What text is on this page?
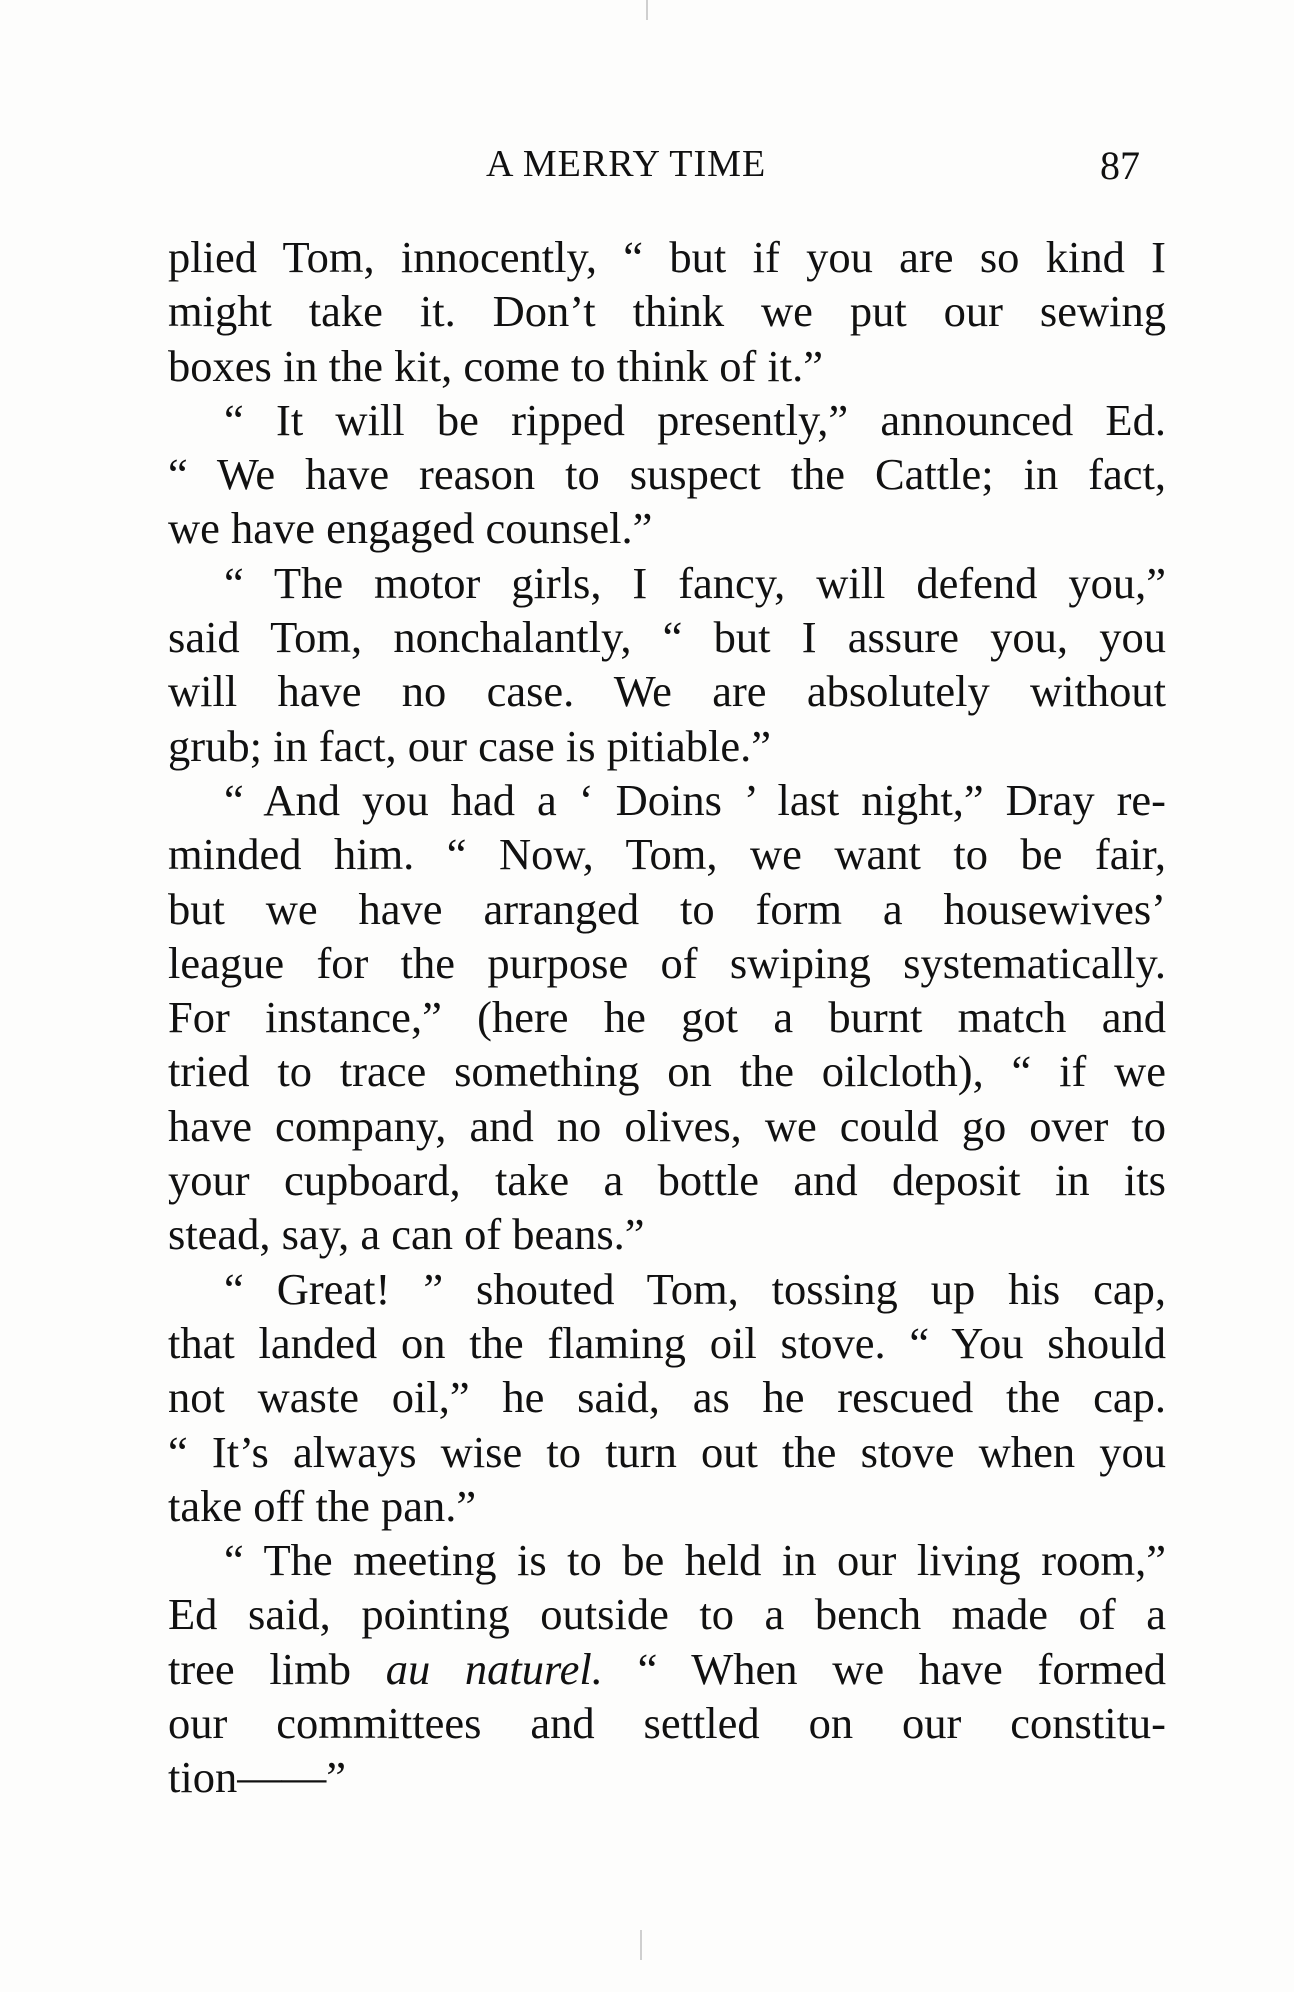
A MERRY TIME	87
plied Tom, innocently, “ but if you are so kind I
might take it. Don’t think we put our sewing
boxes in the kit, come to think of it.”
“ It will be ripped presently,” announced Ed.
“ We have reason to suspect the Cattle; in fact,
we have engaged counsel.”
“ The motor girls, I fancy, will defend you,”
said Tom, nonchalantly, “ but I assure you, you
will have no case. We are absolutely without
grub; in fact, our case is pitiable.”
“ And you had a ‘ Doins ’ last night,” Dray re-
minded him. “ Now, Tom, we want to be fair,
but we have arranged to form a housewives’
league for the purpose of swiping systematically.
For instance,” (here he got a burnt match and
tried to trace something on the oilcloth), “ if we
have company, and no olives, we could go over to
your cupboard, take a bottle and deposit in its
stead, say, a can of beans.”
“ Great! ” shouted Tom, tossing up his cap,
that landed on the flaming oil stove. “ You should
not waste oil,” he said, as he rescued the cap.
“ It’s always wise to turn out the stove when you
take off the pan.”
“ The meeting is to be held in our living room,”
Ed said, pointing outside to a bench made of a
tree limb au naturel. “ When we have formed
our committees and settled on our constitu-
tion——”
